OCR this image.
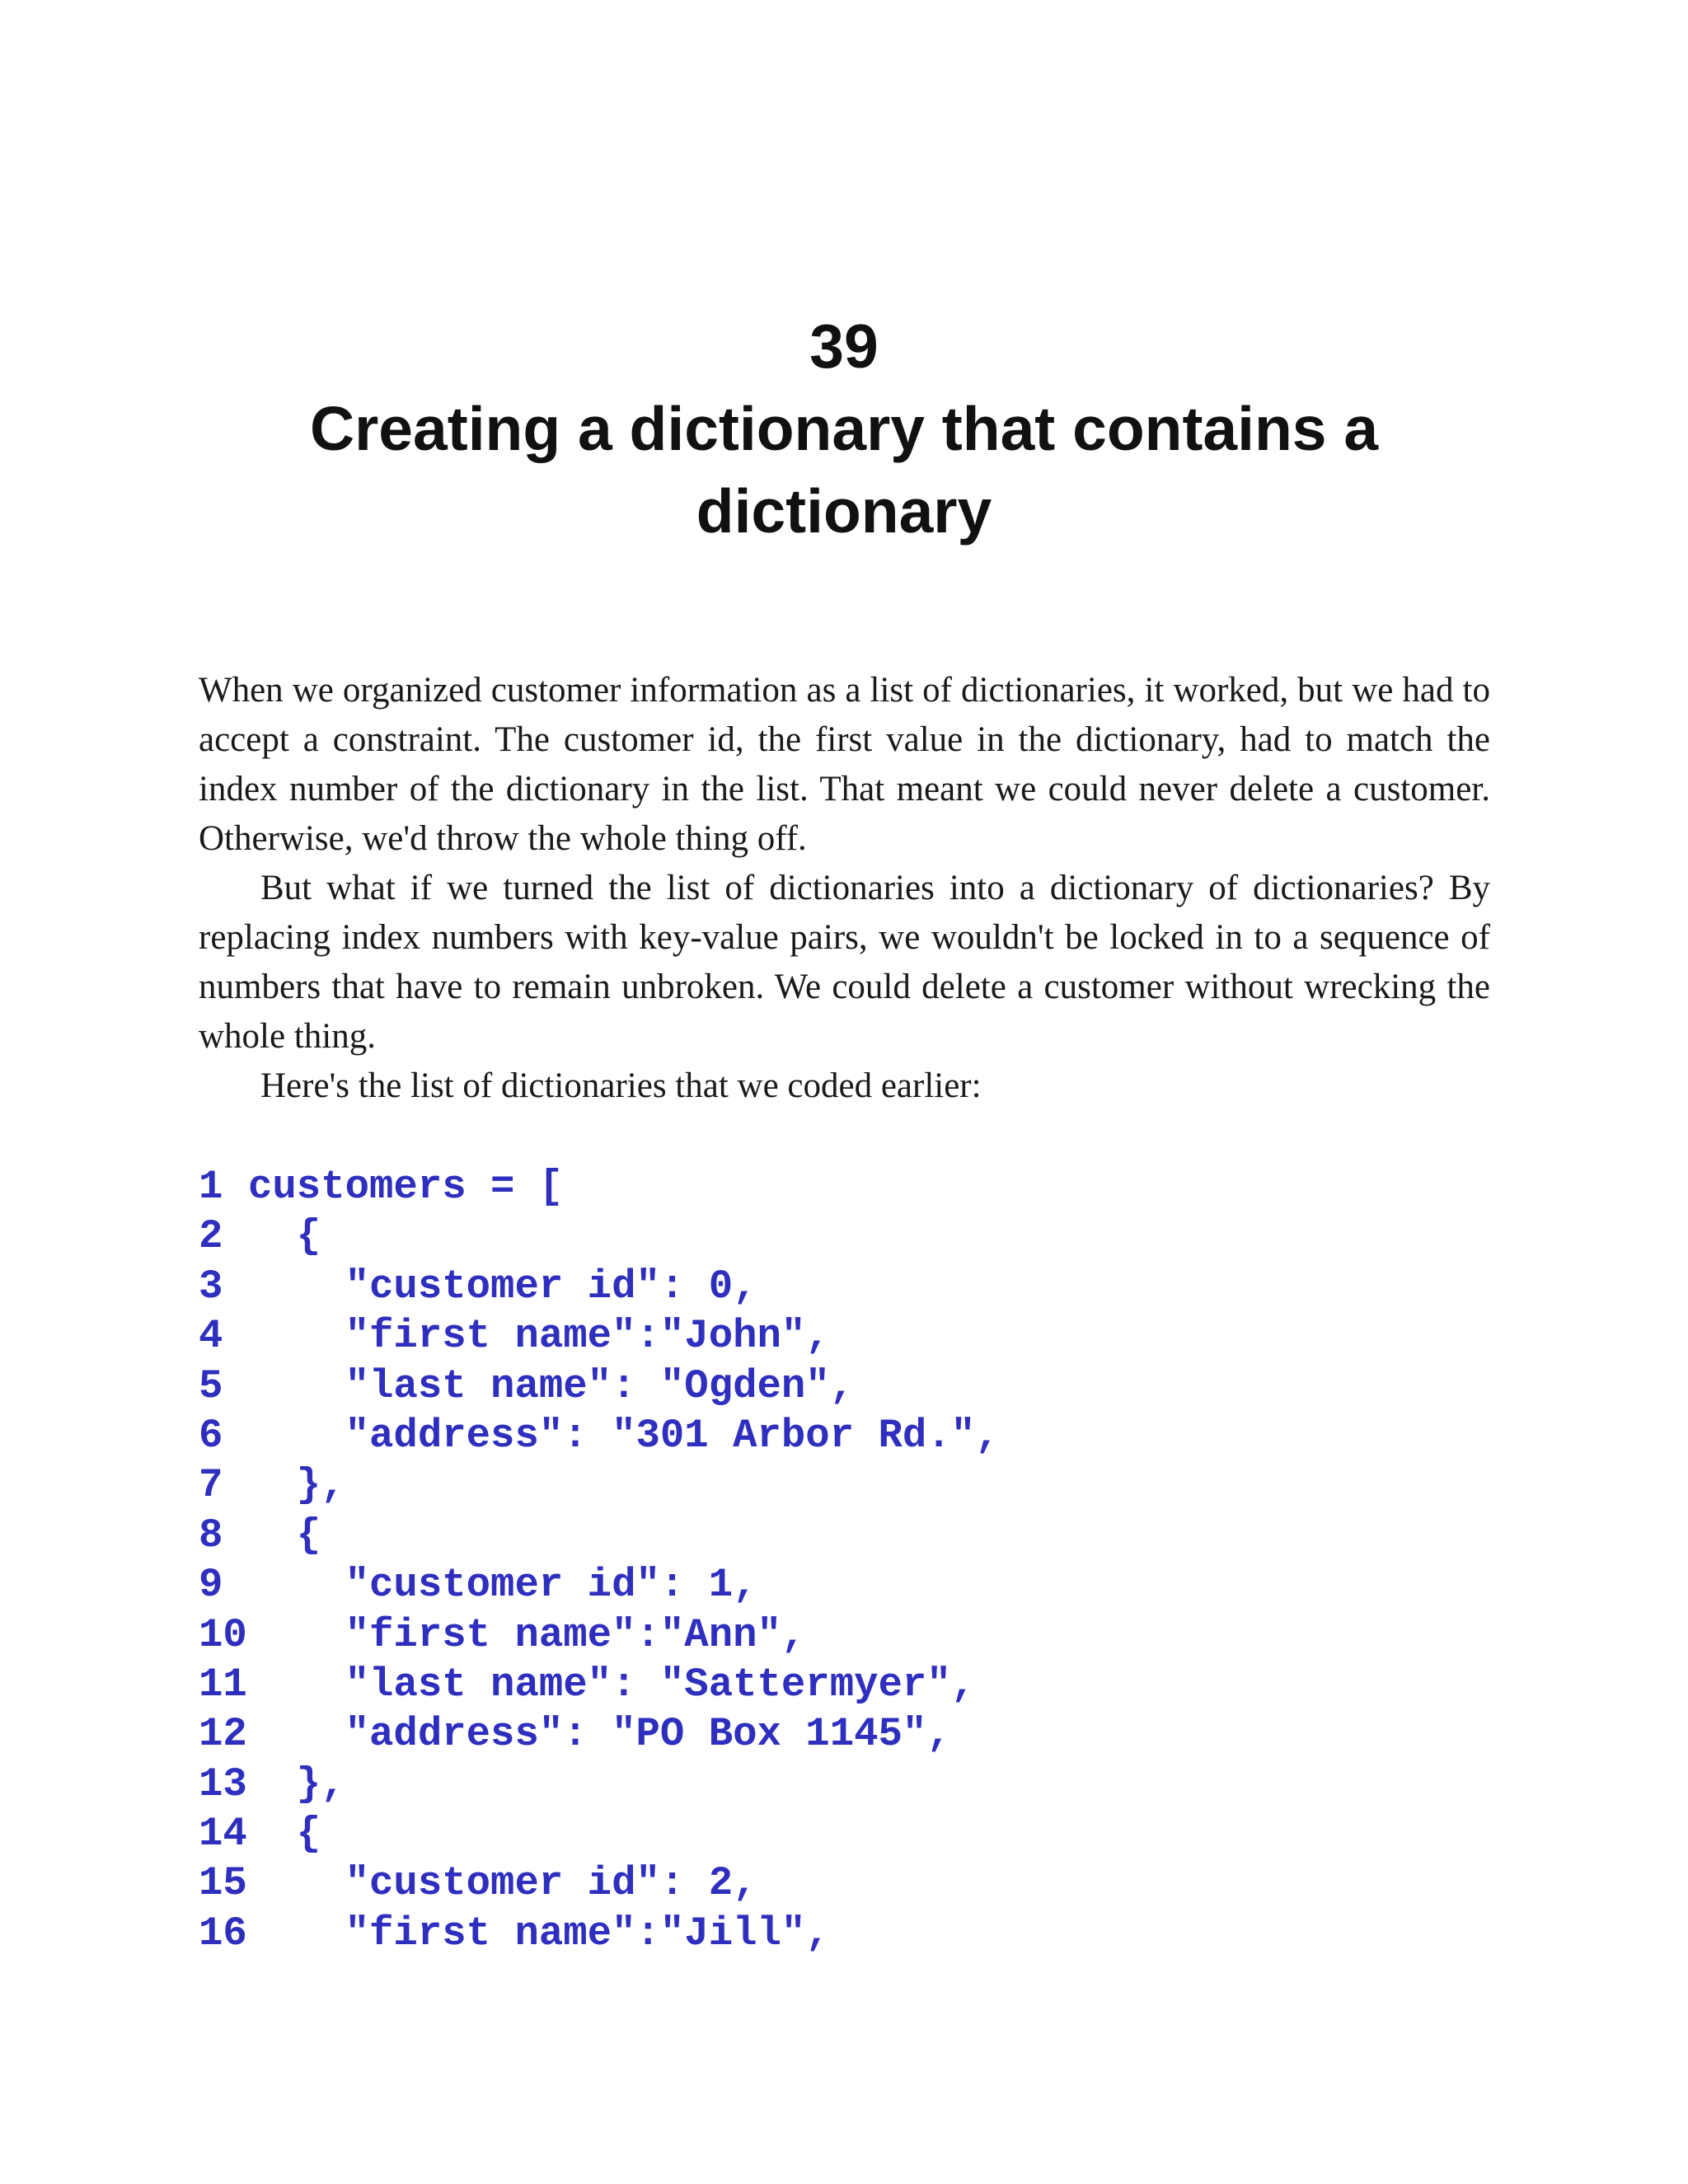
39
Creating a dictionary that contains a dictionary

When we organized customer information as a list of dictionaries, it worked, but we had to accept a constraint. The customer id, the first value in the dictionary, had to match the index number of the dictionary in the list. That meant we could never delete a customer. Otherwise, we'd throw the whole thing off.

But what if we turned the list of dictionaries into a dictionary of dictionaries? By replacing index numbers with key-value pairs, we wouldn't be locked in to a sequence of numbers that have to remain unbroken. We could delete a customer without wrecking the whole thing.

Here's the list of dictionaries that we coded earlier:

1 customers = [
2  {
3    "customer id": 0,
4    "first name":"John",
5    "last name": "Ogden",
6    "address": "301 Arbor Rd.",
7  },
8  {
9    "customer id": 1,
10    "first name":"Ann",
11    "last name": "Sattermyer",
12    "address": "PO Box 1145",
13  },
14  {
15    "customer id": 2,
16    "first name":"Jill",
